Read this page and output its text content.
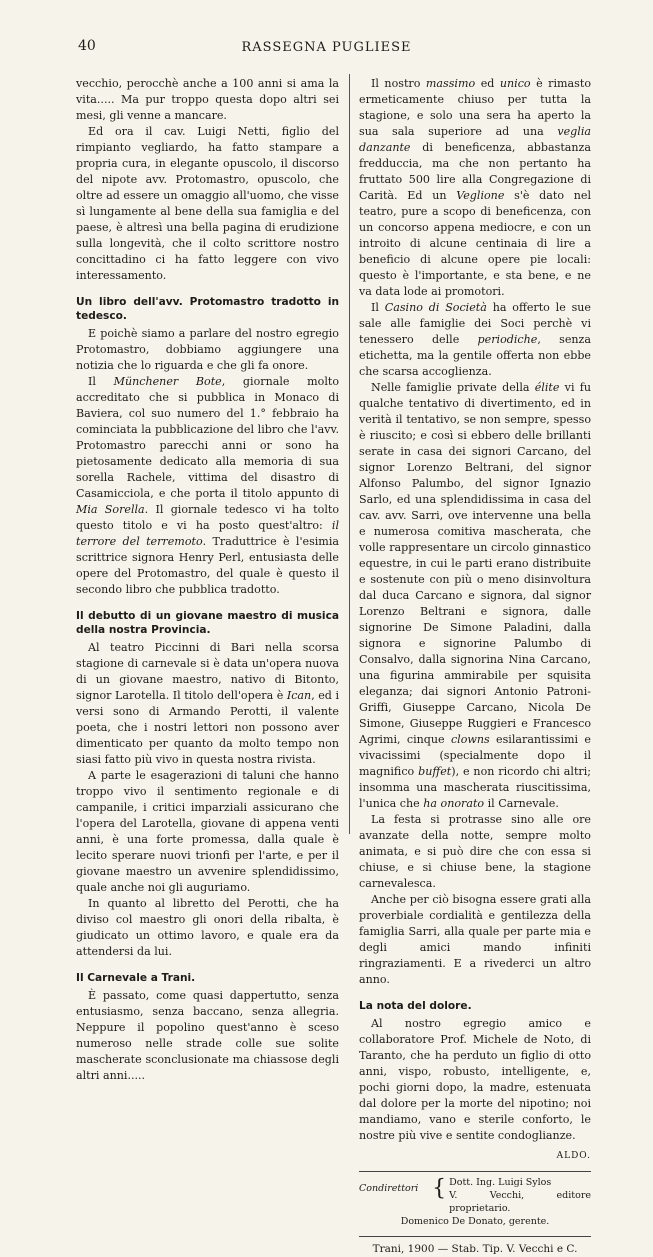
40	RASSEGNA PUGLIESE

vecchio, perocchè anche a 100 anni si ama la vita..... Ma pur troppo questa dopo altri sei mesi, gli venne a mancare.

Ed ora il cav. Luigi Netti, figlio del rimpianto vegliardo, ha fatto stampare a propria cura, in elegante opuscolo, il discorso del nipote avv. Protomastro, opuscolo, che oltre ad essere un omaggio all'uomo, che visse sì lungamente al bene della sua famiglia e del paese, è altresì una bella pagina di erudizione sulla longevità, che il colto scrittore nostro concittadino ci ha fatto leggere con vivo interessamento.

Un libro dell'avv. Protomastro tradotto in tedesco.

E poichè siamo a parlare del nostro egregio Protomastro, dobbiamo aggiungere una notizia che lo riguarda e che gli fa onore.

Il Münchener Bote, giornale molto accreditato che si pubblica in Monaco di Baviera, col suo numero del 1.° febbraio ha cominciata la pubblicazione del libro che l'avv. Protomastro parecchi anni or sono ha pietosamente dedicato alla memoria di sua sorella Rachele, vittima del disastro di Casamicciola, e che porta il titolo appunto di Mia Sorella. Il giornale tedesco vi ha tolto questo titolo e vi ha posto quest'altro: il terrore del terremoto. Traduttrice è l'esimia scrittrice signora Henry Perl, entusiasta delle opere del Protomastro, del quale è questo il secondo libro che pubblica tradotto.

Il debutto di un giovane maestro di musica della nostra Provincia.

Al teatro Piccinni di Bari nella scorsa stagione di carnevale si è data un'opera nuova di un giovane maestro, nativo di Bitonto, signor Larotella. Il titolo dell'opera è Ican, ed i versi sono di Armando Perotti, il valente poeta, che i nostri lettori non possono aver dimenticato per quanto da molto tempo non siasi fatto più vivo in questa nostra rivista.

A parte le esagerazioni di taluni che hanno troppo vivo il sentimento regionale e di campanile, i critici imparziali assicurano che l'opera del Larotella, giovane di appena venti anni, è una forte promessa, dalla quale è lecito sperare nuovi trionfi per l'arte, e per il giovane maestro un avvenire splendidissimo, quale anche noi gli auguriamo.

In quanto al libretto del Perotti, che ha diviso col maestro gli onori della ribalta, è giudicato un ottimo lavoro, e quale era da attendersi da lui.

Il Carnevale a Trani.

È passato, come quasi dappertutto, senza entusiasmo, senza baccano, senza allegria. Neppure il popolino quest'anno è sceso numeroso nelle strade colle sue solite mascherate sconclusionate ma chiassose degli altri anni.....

Il nostro massimo ed unico è rimasto ermeticamente chiuso per tutta la stagione, e solo una sera ha aperto la sua sala superiore ad una veglia danzante di beneficenza, abbastanza fredduccia, ma che non pertanto ha fruttato 500 lire alla Congregazione di Carità. Ed un Veglione s'è dato nel teatro, pure a scopo di beneficenza, con un concorso appena mediocre, e con un introito di alcune centinaia di lire a beneficio di alcune opere pie locali: questo è l'importante, e sta bene, e ne va data lode ai promotori.

Il Casino di Società ha offerto le sue sale alle famiglie dei Soci perchè vi tenessero delle periodiche, senza etichetta, ma la gentile offerta non ebbe che scarsa accoglienza.

Nelle famiglie private della élite vi fu qualche tentativo di divertimento, ed in verità il tentativo, se non sempre, spesso è riuscito; e così si ebbero delle brillanti serate in casa dei signori Carcano, del signor Lorenzo Beltrani, del signor Alfonso Palumbo, del signor Ignazio Sarlo, ed una splendidissima in casa del cav. avv. Sarri, ove intervenne una bella e numerosa comitiva mascherata, che volle rappresentare un circolo ginnastico equestre, in cui le parti erano distribuite e sostenute con più o meno disinvoltura dal duca Carcano e signora, dal signor Lorenzo Beltrani e signora, dalle signorine De Simone Paladini, dalla signora e signorine Palumbo di Consalvo, dalla signorina Nina Carcano, una figurina ammirabile per squisita eleganza; dai signori Antonio Patroni-Griffi, Giuseppe Carcano, Nicola De Simone, Giuseppe Ruggieri e Francesco Agrimi, cinque clowns esilarantissimi e vivacissimi (specialmente dopo il magnifico buffet), e non ricordo chi altri; insomma una mascherata riuscitissima, l'unica che ha onorato il Carnevale.

La festa si protrasse sino alle ore avanzate della notte, sempre molto animata, e si può dire che con essa si chiuse, e si chiuse bene, la stagione carnevalesca.

Anche per ciò bisogna essere grati alla proverbiale cordialità e gentilezza della famiglia Sarri, alla quale per parte mia e degli amici mando infiniti ringraziamenti. E a rivederci un altro anno.

La nota del dolore.

Al nostro egregio amico e collaboratore Prof. Michele de Noto, di Taranto, che ha perduto un figlio di otto anni, vispo, robusto, intelligente, e, pochi giorni dopo, la madre, estenuata dal dolore per la morte del nipotino; noi mandiamo, vano e sterile conforto, le nostre più vive e sentite condoglianze.

ALDO.
Condirettori { Dott. Ing. Luigi Sylos
V. Vecchi, editore proprietario.
Domenico De Donato, gerente.
Trani, 1900 — Stab. Tip. V. Vecchi e C.
